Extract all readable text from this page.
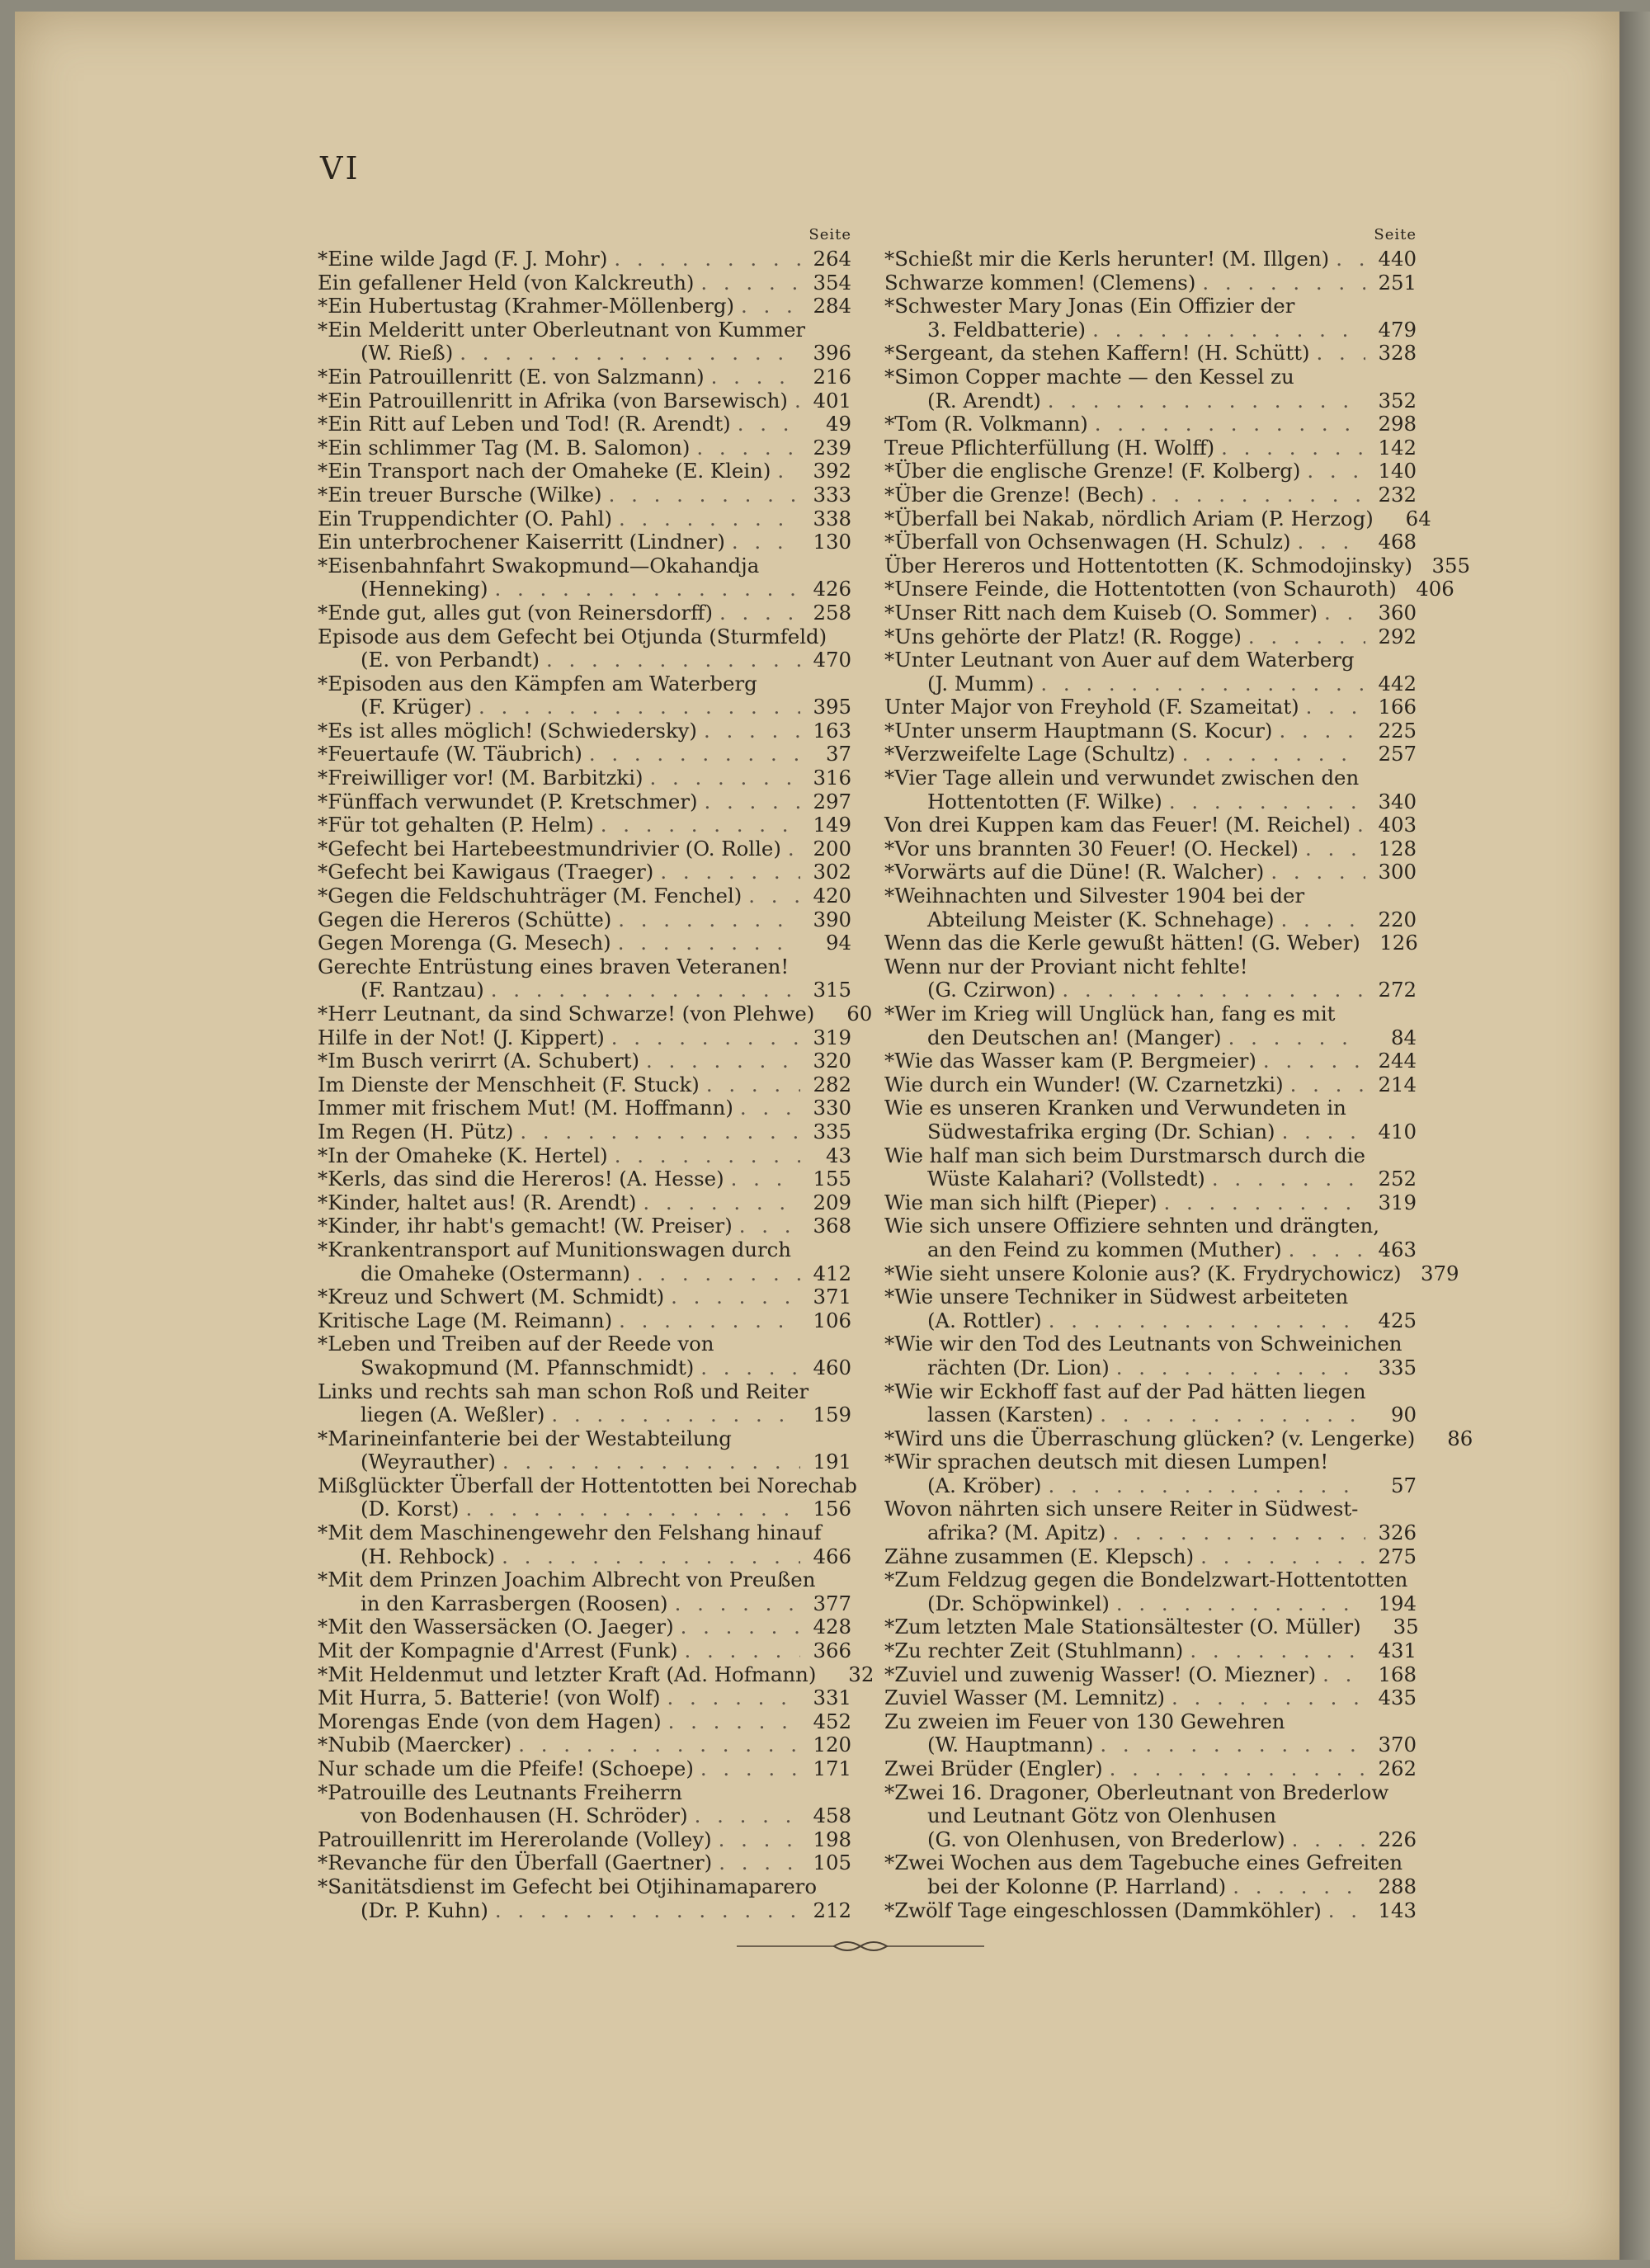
VI
Seite
*Eine wilde Jagd (F. J. Mohr) . . .	264
Ein gefallener Held (von Kalckreuth) . . .	354
*Ein Hubertustag (Krahmer-Möllenberg) . . .	284
*Ein Melderitt unter Oberleutnant von Kummer
(W. Rieß) . . .	396
*Ein Patrouillenritt (E. von Salzmann) . . .	216
*Ein Patrouillenritt in Afrika (von Barsewisch) . . . 401
*Ein Ritt auf Leben und Tod! (R. Arendt) . . .	49
*Ein schlimmer Tag (M. B. Salomon) . . .	239
*Ein Transport nach der Omaheke (E. Klein) . . . 392
*Ein treuer Bursche (Wilke) . . .	333
Ein Truppendichter (O. Pahl) . . .	338
Ein unterbrochener Kaiserritt (Lindner) . . .	130
*Eisenbahnfahrt Swakopmund—Okahandja
(Henneking) . . .	426
*Ende gut, alles gut (von Reinersdorff) . . .	258
Episode aus dem Gefecht bei Otjunda (Sturmfeld)
(E. von Perbandt) . . .	470
*Episoden aus den Kämpfen am Waterberg
(F. Krüger) . . .	395
*Es ist alles möglich! (Schwiedersky) . . .	163
*Feuertaufe (W. Täubrich) . . .	37
*Freiwilliger vor! (M. Barbitzki) . . .	316
*Fünffach verwundet (P. Kretschmer) . . .	297
*Für tot gehalten (P. Helm) . . .	149
*Gefecht bei Hartebeestmundrivier (O. Rolle) . . . 200
*Gefecht bei Kawigaus (Traeger) . . .	302
*Gegen die Feldschuhträger (M. Fenchel) . . .	420
Gegen die Hereros (Schütte) . . .	390
Gegen Morenga (G. Mesech) . . .	94
Gerechte Entrüstung eines braven Veteranen!
(F. Rantzau) . . .	315
*Herr Leutnant, da sind Schwarze! (von Plehwe)	60
Hilfe in der Not! (J. Kippert) . . .	319
*Im Busch verirrt (A. Schubert) . . .	320
Im Dienste der Menschheit (F. Stuck) . . .	282
Immer mit frischem Mut! (M. Hoffmann) . . .	330
Im Regen (H. Pütz) . . .	335
*In der Omaheke (K. Hertel) . . .	43
*Kerls, das sind die Hereros! (A. Hesse) . . .	155
*Kinder, haltet aus! (R. Arendt) . . .	209
*Kinder, ihr habt's gemacht! (W. Preiser) . . .	368
*Krankentransport auf Munitionswagen durch
die Omaheke (Ostermann) . . .	412
*Kreuz und Schwert (M. Schmidt) . . .	371
Kritische Lage (M. Reimann) . . .	106
*Leben und Treiben auf der Reede von
Swakopmund (M. Pfannschmidt) . . .	460
Links und rechts sah man schon Roß und Reiter
liegen (A. Weßler) . . .	159
*Marineinfanterie bei der Westabteilung
(Weyrauther) . . .	191
Mißglückter Überfall der Hottentotten bei Norechab
(D. Korst) . . .	156
*Mit dem Maschinengewehr den Felshang hinauf
(H. Rehbock) . . .	466
*Mit dem Prinzen Joachim Albrecht von Preußen
in den Karrasbergen (Roosen) . . .	377
*Mit den Wassersäcken (O. Jaeger) . . .	428
Mit der Kompagnie d'Arrest (Funk) . . .	366
*Mit Heldenmut und letzter Kraft (Ad. Hofmann)	32
Mit Hurra, 5. Batterie! (von Wolf) . . .	331
Morengas Ende (von dem Hagen) . . .	452
*Nubib (Maercker) . . .	120
Nur schade um die Pfeife! (Schoepe) . . .	171
*Patrouille des Leutnants Freiherrn
von Bodenhausen (H. Schröder) . . .	458
Patrouillenritt im Hererolande (Volley) . . .	198
*Revanche für den Überfall (Gaertner) . . .	105
*Sanitätsdienst im Gefecht bei Otjihinamaparero
(Dr. P. Kuhn) . . .	212
Seite
*Schießt mir die Kerls herunter! (M. Illgen) . . . 440
Schwarze kommen! (Clemens) . . .	251
*Schwester Mary Jonas (Ein Offizier der
3. Feldbatterie) . . .	479
*Sergeant, da stehen Kaffern! (H. Schütt) . . .	328
*Simon Copper machte — den Kessel zu
(R. Arendt) . . .	352
*Tom (R. Volkmann) . . .	298
Treue Pflichterfüllung (H. Wolff) . . .	142
*Über die englische Grenze! (F. Kolberg) . . .	140
*Über die Grenze! (Bech) . . .	232
*Überfall bei Nakab, nördlich Ariam (P. Herzog)	64
*Überfall von Ochsenwagen (H. Schulz) . . .	468
Über Hereros und Hottentotten (K. Schmodojinsky) 355
*Unsere Feinde, die Hottentotten (von Schauroth) 406
*Unser Ritt nach dem Kuiseb (O. Sommer) . . .	360
*Uns gehörte der Platz! (R. Rogge) . . .	292
*Unter Leutnant von Auer auf dem Waterberg
(J. Mumm) . . .	442
Unter Major von Freyhold (F. Szameitat) . . .	166
*Unter unserm Hauptmann (S. Kocur) . . .	225
*Verzweifelte Lage (Schultz) . . .	257
*Vier Tage allein und verwundet zwischen den
Hottentotten (F. Wilke) . . .	340
Von drei Kuppen kam das Feuer! (M. Reichel) . . . 403
*Vor uns brannten 30 Feuer! (O. Heckel) . . .	128
*Vorwärts auf die Düne! (R. Walcher) . . .	300
*Weihnachten und Silvester 1904 bei der
Abteilung Meister (K. Schnehage) . . .	220
Wenn das die Kerle gewußt hätten! (G. Weber) 126
Wenn nur der Proviant nicht fehlte!
(G. Czirwon) . . .	272
*Wer im Krieg will Unglück han, fang es mit
den Deutschen an! (Manger) . . .	84
*Wie das Wasser kam (P. Bergmeier) . . .	244
Wie durch ein Wunder! (W. Czarnetzki) . . .	214
Wie es unseren Kranken und Verwundeten in
Südwestafrika erging (Dr. Schian) . . .	410
Wie half man sich beim Durstmarsch durch die
Wüste Kalahari? (Vollstedt) . . .	252
Wie man sich hilft (Pieper) . . .	319
Wie sich unsere Offiziere sehnten und drängten,
an den Feind zu kommen (Muther) . . .	463
*Wie sieht unsere Kolonie aus? (K. Frydrychowicz) 379
*Wie unsere Techniker in Südwest arbeiteten
(A. Rottler) . . .	425
*Wie wir den Tod des Leutnants von Schweinichen
rächten (Dr. Lion) . . .	335
*Wie wir Eckhoff fast auf der Pad hätten liegen
lassen (Karsten) . . .	90
*Wird uns die Überraschung glücken? (v. Lengerke)	86
*Wir sprachen deutsch mit diesen Lumpen!
(A. Kröber) . . .	57
Wovon nährten sich unsere Reiter in Südwest-
afrika? (M. Apitz) . . .	326
Zähne zusammen (E. Klepsch) . . .	275
*Zum Feldzug gegen die Bondelzwart-Hottentotten
(Dr. Schöpwinkel) . . .	194
*Zum letzten Male Stationsältester (O. Müller)	35
*Zu rechter Zeit (Stuhlmann) . . .	431
*Zuviel und zuwenig Wasser! (O. Miezner) . . .	168
Zuviel Wasser (M. Lemnitz) . . .	435
Zu zweien im Feuer von 130 Gewehren
(W. Hauptmann) . . .	370
Zwei Brüder (Engler) . . .	262
*Zwei 16. Dragoner, Oberleutnant von Brederlow
und Leutnant Götz von Olenhusen
(G. von Olenhusen, von Brederlow) . . .	226
*Zwei Wochen aus dem Tagebuche eines Gefreiten
bei der Kolonne (P. Harrland) . . .	288
*Zwölf Tage eingeschlossen (Dammköhler) . . .	143
